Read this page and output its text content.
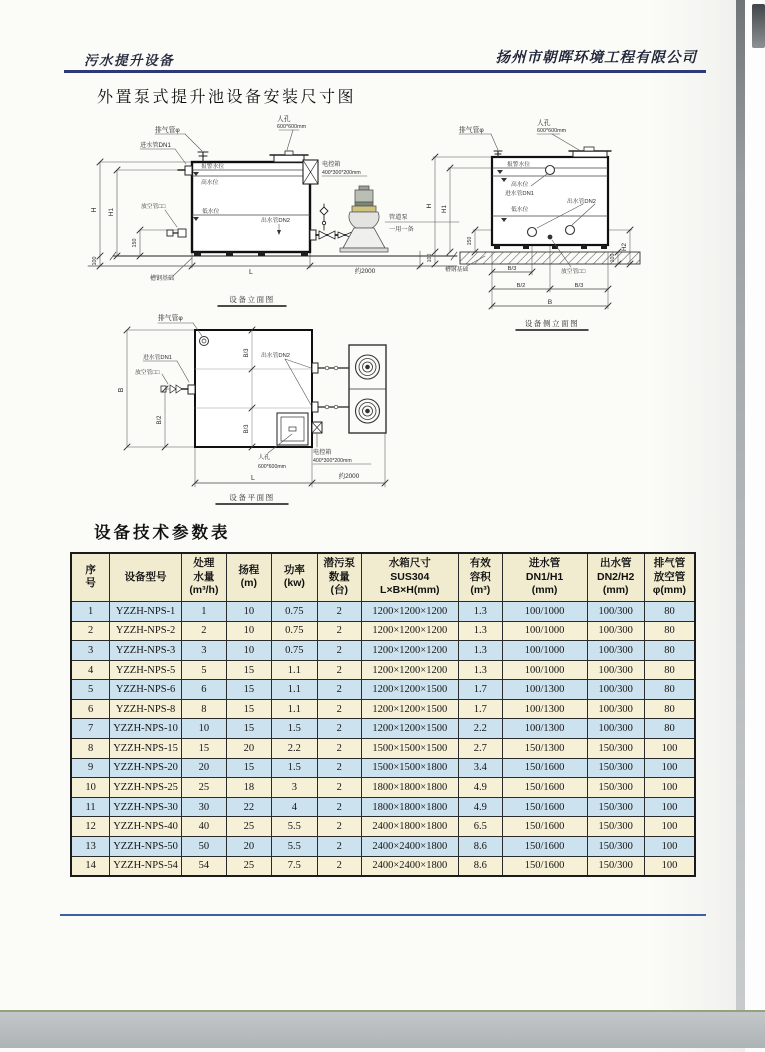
污水提升设备	扬州市朝晖环境工程有限公司
外置泵式提升池设备安装尺寸图
排气管φ
人孔
600*600mm
进水管DN1
报警水位
高水位
低水位
电控箱
400*300*200mm
出水管DN2
放空管□□
管道泵
一用一备
槽钢基础
H H1
150
100
L	约2000
设备立面图
排气管φ
人孔
600*600mm
报警水位
高水位
进水管DN1
出水管DN2
低水位
槽钢基础	放空管□□
H H1
150
100
H2
100
B/3
B/2	B/3
B
设备侧立面图
排气管φ
进水管DN1
放空管□□
出水管DN2
B/3
B/3
B
B/2
人孔
600*600mm
电控箱
400*300*200mm
L	约2000
设备平面图
设备技术参数表
序
号	设备型号	处理
水量
(m³/h)	扬程
(m)	功率
(kw)	潜污泵
数量
(台)	水箱尺寸
SUS304
L×B×H(mm)	有效
容积
(m³)	进水管
DN1/H1
(mm)	出水管
DN2/H2
(mm)	排气管
放空管
φ(mm)
1	YZZH-NPS-1	1	10	0.75	2	1200×1200×1200	1.3	100/1000	100/300	80
2	YZZH-NPS-2	2	10	0.75	2	1200×1200×1200	1.3	100/1000	100/300	80
3	YZZH-NPS-3	3	10	0.75	2	1200×1200×1200	1.3	100/1000	100/300	80
4	YZZH-NPS-5	5	15	1.1	2	1200×1200×1200	1.3	100/1000	100/300	80
5	YZZH-NPS-6	6	15	1.1	2	1200×1200×1500	1.7	100/1300	100/300	80
6	YZZH-NPS-8	8	15	1.1	2	1200×1200×1500	1.7	100/1300	100/300	80
7	YZZH-NPS-10	10	15	1.5	2	1200×1200×1500	2.2	100/1300	100/300	80
8	YZZH-NPS-15	15	20	2.2	2	1500×1500×1500	2.7	150/1300	150/300	100
9	YZZH-NPS-20	20	15	1.5	2	1500×1500×1800	3.4	150/1600	150/300	100
10	YZZH-NPS-25	25	18	3	2	1800×1800×1800	4.9	150/1600	150/300	100
11	YZZH-NPS-30	30	22	4	2	1800×1800×1800	4.9	150/1600	150/300	100
12	YZZH-NPS-40	40	25	5.5	2	2400×1800×1800	6.5	150/1600	150/300	100
13	YZZH-NPS-50	50	20	5.5	2	2400×2400×1800	8.6	150/1600	150/300	100
14	YZZH-NPS-54	54	25	7.5	2	2400×2400×1800	8.6	150/1600	150/300	100
